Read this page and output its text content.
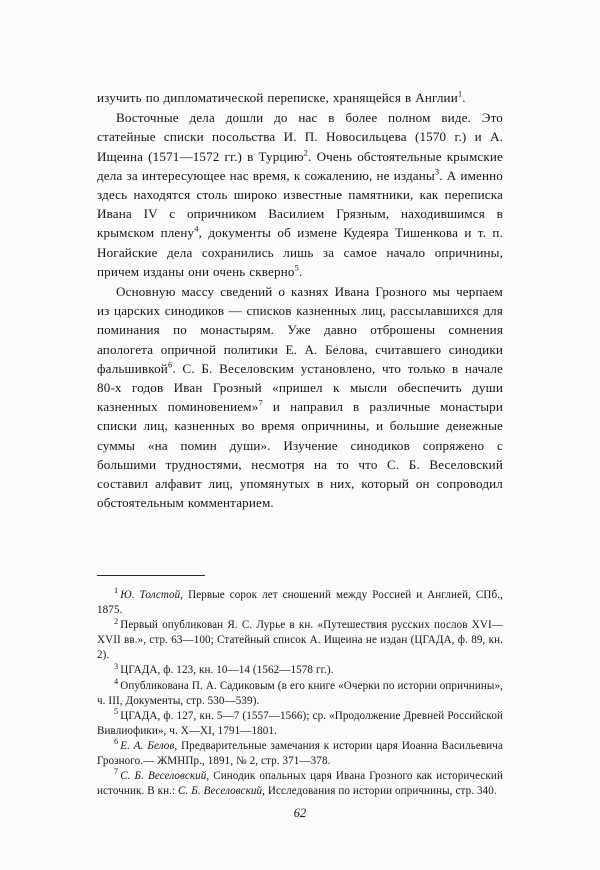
изучить по дипломатической переписке, хранящейся в Англии$^1$.

Восточные дела дошли до нас в более полном виде. Это статейные списки посольства И. П. Новосильцева (1570 г.) и А. Ищеина (1571—1572 гг.) в Турцию$^2$. Очень обстоятельные крымские дела за интересующее нас время, к сожалению, не изданы$^3$. А именно здесь находятся столь широко известные памятники, как переписка Ивана IV с опричником Василием Грязным, находившимся в крымском плену$^4$, документы об измене Кудеяра Тишенкова и т. п. Ногайские дела сохранились лишь за самое начало опричнины, причем изданы они очень скверно$^5$.

Основную массу сведений о казнях Ивана Грозного мы черпаем из царских синодиков — списков казненных лиц, рассылавшихся для поминания по монастырям. Уже давно отброшены сомнения апологета опричной политики Е. А. Белова, считавшего синодики фальшивкой$^6$. С. Б. Веселовским установлено, что только в начале 80-х годов Иван Грозный «пришел к мысли обеспечить души казненных поминовением»$^7$ и направил в различные монастыри списки лиц, казненных во время опричнины, и большие денежные суммы «на помин души». Изучение синодиков сопряжено с большими трудностями, несмотря на то что С. Б. Веселовский составил алфавит лиц, упомянутых в них, который он сопроводил обстоятельным комментарием.

$^1$ Ю. Толстой, Первые сорок лет сношений между Россией и Англией, СПб., 1875.

$^2$ Первый опубликован Я. С. Лурье в кн. «Путешествия русских послов XVI—XVII вв.», стр. 63—100; Статейный список А. Ищеина не издан (ЦГАДА, ф. 89, кн. 2).

$^3$ ЦГАДА, ф. 123, кн. 10—14 (1562—1578 гг.).

$^4$ Опубликована П. А. Садиковым (в его книге «Очерки по истории опричнины», ч. III, Документы, стр. 530—539).

$^5$ ЦГАДА, ф. 127, кн. 5—7 (1557—1566); ср. «Продолжение Древней Российской Вивлиофики», ч. X—XI, 1791—1801.

$^6$ Е. А. Белов, Предварительные замечания к истории царя Иоанна Васильевича Грозного.— ЖМНПр., 1891, № 2, стр. 371—378.

$^7$ С. Б. Веселовский, Синодик опальных царя Ивана Грозного как исторический источник. В кн.: С. Б. Веселовский, Исследования по истории опричнины, стр. 340.

62
